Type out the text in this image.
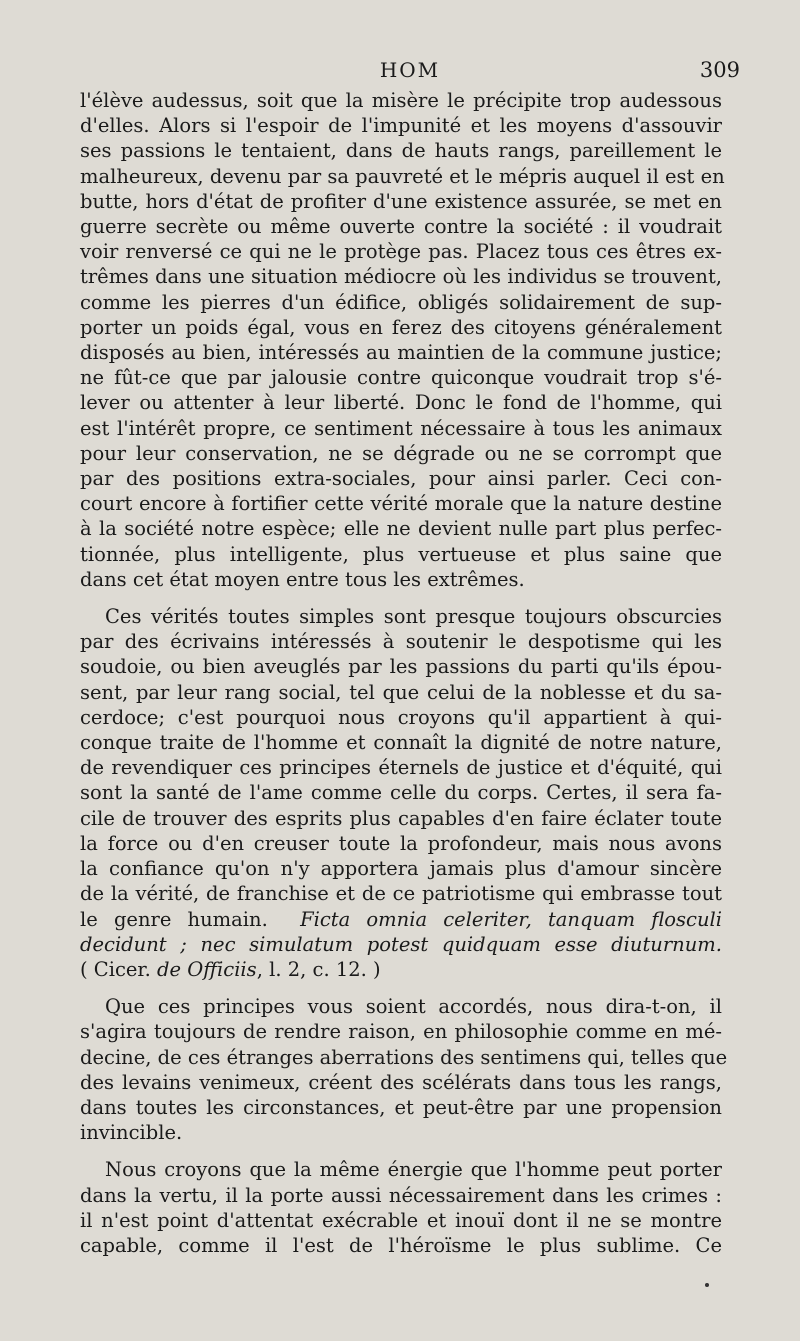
HOM	309
l'élève audessus, soit que la misère le précipite trop audessous
d'elles. Alors si l'espoir de l'impunité et les moyens d'assouvir
ses passions le tentaient, dans de hauts rangs, pareillement le
malheureux, devenu par sa pauvreté et le mépris auquel il est en
butte, hors d'état de profiter d'une existence assurée, se met en
guerre secrète ou même ouverte contre la société : il voudrait
voir renversé ce qui ne le protège pas. Placez tous ces êtres ex-
trêmes dans une situation médiocre où les individus se trouvent,
comme les pierres d'un édifice, obligés solidairement de sup-
porter un poids égal, vous en ferez des citoyens généralement
disposés au bien, intéressés au maintien de la commune justice;
ne fût-ce que par jalousie contre quiconque voudrait trop s'é-
lever ou attenter à leur liberté. Donc le fond de l'homme, qui
est l'intérêt propre, ce sentiment nécessaire à tous les animaux
pour leur conservation, ne se dégrade ou ne se corrompt que
par des positions extra-sociales, pour ainsi parler. Ceci con-
court encore à fortifier cette vérité morale que la nature destine
à la société notre espèce; elle ne devient nulle part plus perfec-
tionnée, plus intelligente, plus vertueuse et plus saine que
dans cet état moyen entre tous les extrêmes.
Ces vérités toutes simples sont presque toujours obscurcies
par des écrivains intéressés à soutenir le despotisme qui les
soudoie, ou bien aveuglés par les passions du parti qu'ils épou-
sent, par leur rang social, tel que celui de la noblesse et du sa-
cerdoce; c'est pourquoi nous croyons qu'il appartient à qui-
conque traite de l'homme et connaît la dignité de notre nature,
de revendiquer ces principes éternels de justice et d'équité, qui
sont la santé de l'ame comme celle du corps. Certes, il sera fa-
cile de trouver des esprits plus capables d'en faire éclater toute
la force ou d'en creuser toute la profondeur, mais nous avons
la confiance qu'on n'y apportera jamais plus d'amour sincère
de la vérité, de franchise et de ce patriotisme qui embrasse tout
le genre humain. Ficta omnia celeriter, tanquam flosculi
decidunt ; nec simulatum potest quidquam esse diuturnum.
( Cicer. de Officiis, l. 2, c. 12. )
Que ces principes vous soient accordés, nous dira-t-on, il
s'agira toujours de rendre raison, en philosophie comme en mé-
decine, de ces étranges aberrations des sentimens qui, telles que
des levains venimeux, créent des scélérats dans tous les rangs,
dans toutes les circonstances, et peut-être par une propension
invincible.
Nous croyons que la même énergie que l'homme peut porter
dans la vertu, il la porte aussi nécessairement dans les crimes :
il n'est point d'attentat exécrable et inouï dont il ne se montre
capable, comme il l'est de l'héroïsme le plus sublime. Ce
